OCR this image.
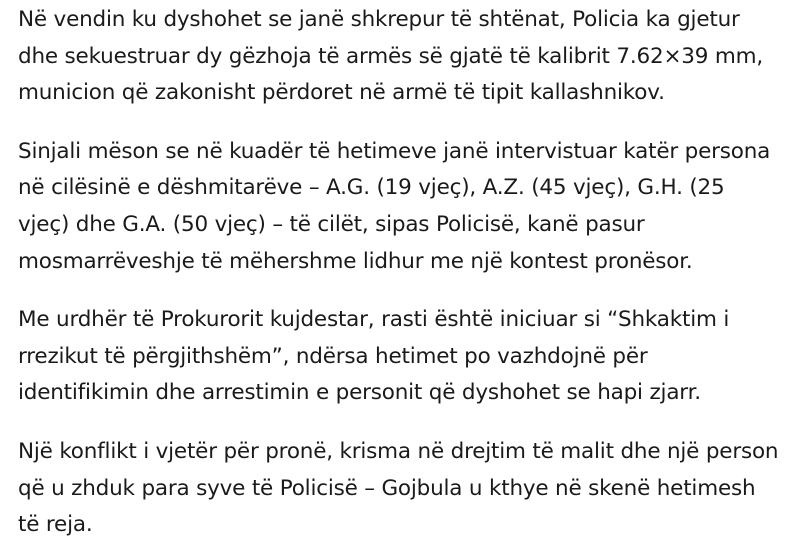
Në vendin ku dyshohet se janë shkrepur të shtënat, Policia ka gjetur dhe sekuestruar dy gëzhoja të armës së gjatë të kalibrit 7.62×39 mm, municion që zakonisht përdoret në armë të tipit kallashnikov.

Sinjali mëson se në kuadër të hetimeve janë intervistuar katër persona në cilësinë e dëshmitarëve – A.G. (19 vjeç), A.Z. (45 vjeç), G.H. (25 vjeç) dhe G.A. (50 vjeç) – të cilët, sipas Policisë, kanë pasur mosmarrëveshje të mëhershme lidhur me një kontest pronësor.

Me urdhër të Prokurorit kujdestar, rasti është iniciuar si “Shkaktim i rrezikut të përgjithshëm”, ndërsa hetimet po vazhdojnë për identifikimin dhe arrestimin e personit që dyshohet se hapi zjarr.

Një konflikt i vjetër për pronë, krisma në drejtim të malit dhe një person që u zhduk para syve të Policisë – Gojbula u kthye në skenë hetimesh të reja.
